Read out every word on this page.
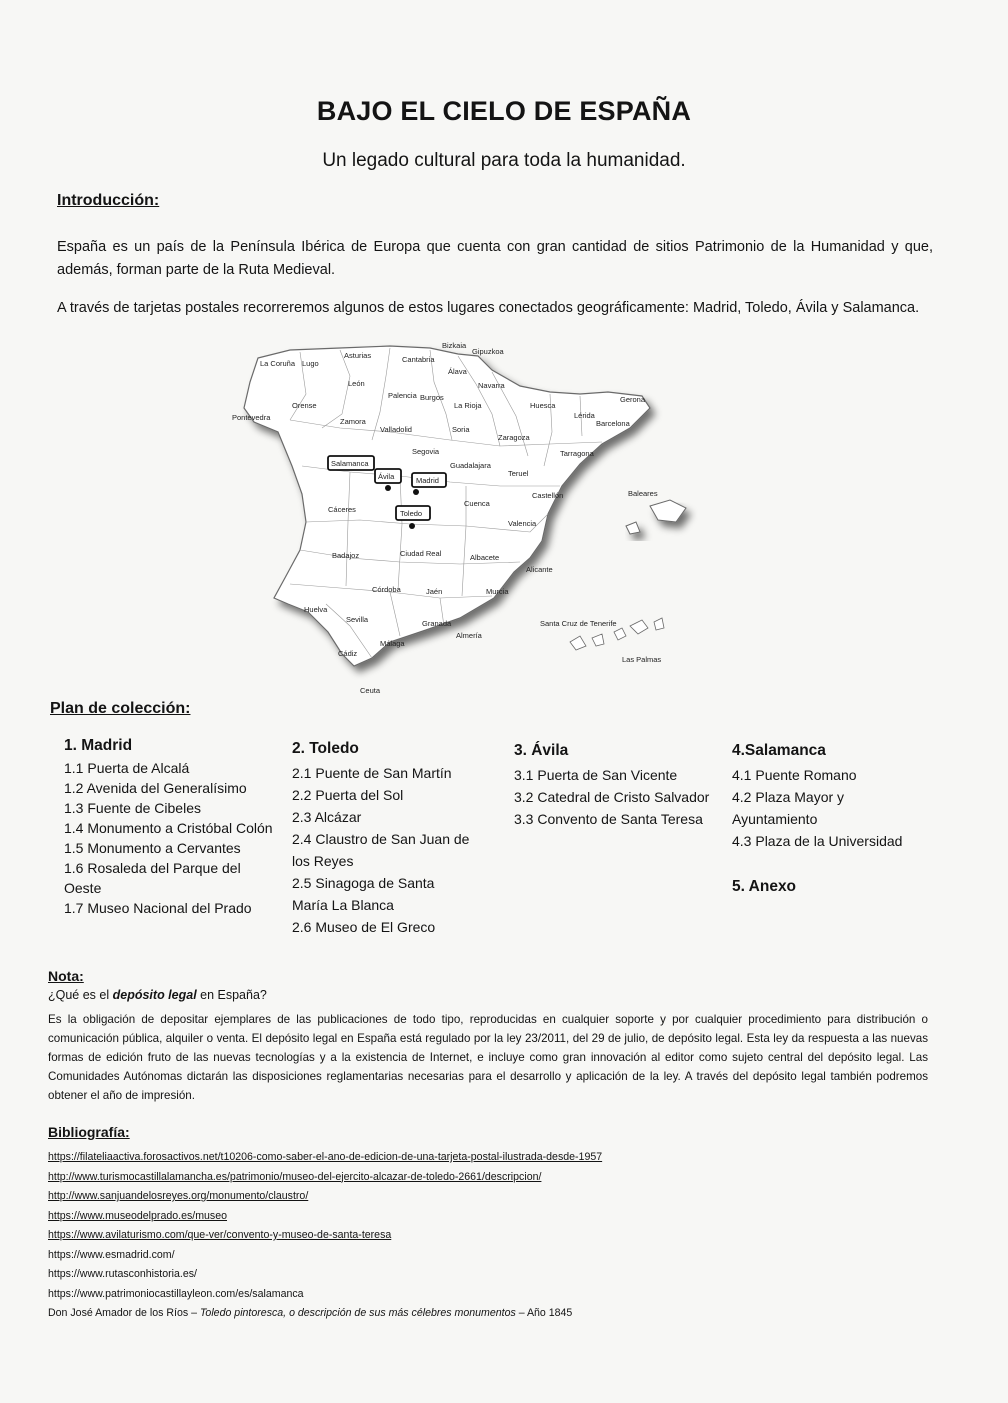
BAJO EL CIELO DE ESPAÑA
Un legado cultural para toda la humanidad.
Introducción:
España es un país de la Península Ibérica de Europa que cuenta con gran cantidad de sitios Patrimonio de la Humanidad y que, además, forman parte de la Ruta Medieval.
A través de tarjetas postales recorreremos algunos de estos lugares conectados geográficamente: Madrid, Toledo, Ávila y Salamanca.
La Coruña Lugo
Asturias	Cantabria
Bizkaia
Gipuzkoa
Álava
Navarra
León
Palencia Burgos
La Rioja	Huesca
Lérida
Gerona
Barcelona
Pontevedra
Orense
Zamora
Valladolid	Soria
Zaragoza
Tarragona
Segovia
Guadalajara
Teruel
Castellón
Cáceres
Cuenca
Valencia
Baleares
Badajoz	Ciudad Real	Albacete
Alicante
Córdoba	Jaén	Murcia
Huelva
Sevilla	Granada
Almería
Cádiz
Málaga
Ceuta
Santa Cruz de Tenerife
Las Palmas
Salamanca
Ávila	Madrid
Toledo
Plan de colección:
1. Madrid
1.1 Puerta de Alcalá
1.2 Avenida del Generalísimo
1.3 Fuente de Cibeles
1.4 Monumento a Cristóbal Colón
1.5 Monumento a Cervantes
1.6 Rosaleda del Parque del Oeste
1.7 Museo Nacional del Prado
2. Toledo
2.1 Puente de San Martín
2.2 Puerta del Sol
2.3 Alcázar
2.4 Claustro de San Juan de los Reyes
2.5 Sinagoga de Santa María La Blanca
2.6 Museo de El Greco
3. Ávila
3.1 Puerta de San Vicente
3.2 Catedral de Cristo Salvador
3.3 Convento de Santa Teresa
4.Salamanca
4.1 Puente Romano
4.2 Plaza Mayor y Ayuntamiento
4.3 Plaza de la Universidad
5. Anexo
Nota:
¿Qué es el depósito legal en España?
Es la obligación de depositar ejemplares de las publicaciones de todo tipo, reproducidas en cualquier soporte y por cualquier procedimiento para distribución o comunicación pública, alquiler o venta. El depósito legal en España está regulado por la ley 23/2011, del 29 de julio, de depósito legal. Esta ley da respuesta a las nuevas formas de edición fruto de las nuevas tecnologías y a la existencia de Internet, e incluye como gran innovación al editor como sujeto central del depósito legal. Las Comunidades Autónomas dictarán las disposiciones reglamentarias necesarias para el desarrollo y aplicación de la ley. A través del depósito legal también podremos obtener el año de impresión.
Bibliografía:
https://filateliaactiva.forosactivos.net/t10206-como-saber-el-ano-de-edicion-de-una-tarjeta-postal-ilustrada-desde-1957
http://www.turismocastillalamancha.es/patrimonio/museo-del-ejercito-alcazar-de-toledo-2661/descripcion/
http://www.sanjuandelosreyes.org/monumento/claustro/
https://www.museodelprado.es/museo
https://www.avilaturismo.com/que-ver/convento-y-museo-de-santa-teresa
https://www.esmadrid.com/
https://www.rutasconhistoria.es/
https://www.patrimoniocastillayleon.com/es/salamanca
Don José Amador de los Ríos – Toledo pintoresca, o descripción de sus más célebres monumentos – Año 1845
